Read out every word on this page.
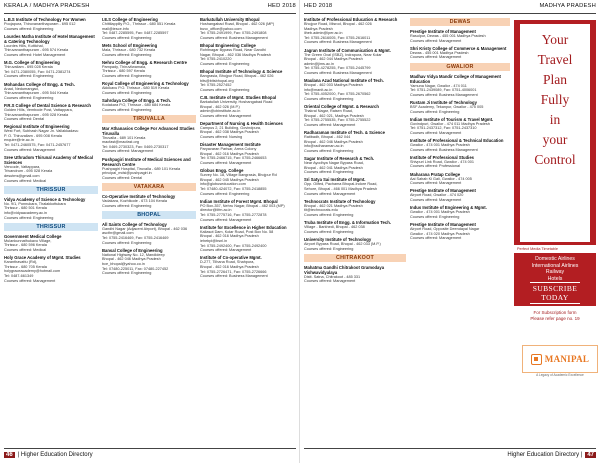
KERALA / MADHYA PRADESH	HED 2018
L.B.S Institute of Technology For Women
Poojapura, Thiruvananthapuram - 695 012
Courses offered: Engineering
Lourdes Matha Institute of Hotel Management & Catering Technology
Lourdes Hills, Kuttichal,
Thiruvananthapuram - 695 574 Kerala
Courses offered: Hotel Management
M.G. College of Engineering
Thiruvallam - 695 028 Kerala
Tel: 0471-2380055, Fax: 0471-2381274
Courses offered: Engineering
Mohandas College of Engg. & Tech.
Anad, Nedumangad,
Thiruvananthapuram - 695 544 Kerala
Courses offered: Engineering
P.R.S College of Dental Science & Research
Golden Hills, Vembode Post, Vattappara,
Thiruvananthapuram - 695 028 Kerala
Courses offered: Dental
Regional Institute of Engineering
West Fort, Subhash Nagar Jn. Vallakkadavu
P. O. Thiruvallam - 695 008 Kerala
enquire@rie.ac.in
Tel: 0471-2460575, Fax: 0471-2457677
Courses offered: Management
Sree Uthradom Thirunal Academy of Medical Sciences
Vencode, Vattappara,
Trivandrum - 695 028 Kerala
desutms@gmail.com
Courses offered: Medical
THRISSUR
Vidya Academy of Science & Technology
No. 9/1, Ponnukara, Thalakkottukara
Thrissur - 680 501 Kerala
info@vidyaacademy.ac.in
Courses offered: Engineering
THRISSUR
Government Medical College
Mulankunnathukavu Village,
Thrissur - 680 596 Kerala
Courses offered: Medical
Holy Grace Academy of Mgmt. Studies
Karanthavattu (Rd),
Thrissur - 680 705 Kerala
holygraceacademy@hotmail.com
Tel: 0487-661349
Courses offered: Management
I.E.S College of Engineering
Chittilappilly P.O., Thrissur - 680 551 Kerala
mail@iesce.info
Tel: 0487-2285595, Fax: 0487-2285597
Courses offered: Engineering
Mets School of Engineering
Mala, Thrissur - 680 732 Kerala
Courses offered: Engineering
Nehru College of Engg. & Research Centre
Pampady, Thiruvilwamala,
Thrissur - 680 597 Kerala
Courses offered: Engineering
Royal College of Engineering & Technology
Akkikavu P.O. Thrissur - 680 519 Kerala
Courses offered: Engineering
Sahrdaya College of Engg. & Tech.
Kodakara P.O, Thrissur - 680 684 Kerala
Courses offered: Engineering
TIRUVALLA
Mar Athanasios College For Advanced Studies Tiruvalla
Tiruvalla - 689 101 Kerala
macfast@macfast.org
Tel: 0469-2730323, Fax: 0469-2730317
Courses offered: Management
Pushpagiri Institute of Medical Sciences and Research Centre
Pushpagiri Hospital, Tiruvalla - 689 101 Kerala
principal_mdsi@pushpagiri.in
Courses offered: Dental
VATAKARA
Co-Operative Institute of Technology
Vadakara, Kozhikode - 673 104 Kerala
Courses offered: Engineering
BHOPAL
All Saints College of Technology
Gandhi Nagar (Adjacent Airport), Bhopal - 462 036
ascthr@gmail.com
Tel: 0755-2416469, Fax: 0755-2416469
Courses offered: Engineering
Bansal College of Engineering
National Highway No. 12, Mandideep
Bhopal - 462 046 Madhya Pradesh
bce_bhopal@yahoo.co.in
Tel: 07480-225011, Fax: 07480-227452
Courses offered: Engineering
Barkatullah University Bhopal
Hoshangabad Road, Bhopal - 462 026 (MP)
buvc_office@yahoo.com
Tel: 0755-2491999, Fax: 0755-2491808
Courses offered: Business Management
Bhopal Engineering College
Rohitnagar Bypass Road, Near Gandhi
Nagar, Bhopal - 462 036 Madhya Pradesh
Tel: 0755-2410220
Courses offered: Engineering
Bhopal Institute of Technology & Science
Bangrasia, Bhojpur Road, Bhopal - 462 026
bits@bitsbhopal.org
Tel: 0755-2527452
Courses offered: Engineering
C.B. Institute of Mgmt. Studies Bhopal
Barkatullah University, Hoshangabad Road
Bhopal - 462 026 (M.P.)
admin@cbinstitute.ac.in
Courses offered: Management
Department of Nursing & Health Sciences
Campus 2, 21 Building, Govindpura,
Bhopal - 462 038 Madhya Pradesh
Courses offered: Nursing
Disaster Management Institute
Paryavaran Parisar, Arera Colony
Bhopal - 462 016 Madhya Pradesh
Tel: 0755-2466715, Fax: 0755-2466653
Courses offered: Management
Globus Engg. College
Survey No. 18, Village Bangrasia, Bhojpur Rd
Bhopal - 462 045 Madhya Pradesh
info@globuseducation.com
Tel: 07480-424072, Fax: 0755-2418855
Courses offered: Engineering
Indian Institute of Forest Mgmt. Bhopal
PO Box-357, Nehru Nagar, Bhopal - 462 003 (MP)
director@iifm.ac.in
Tel: 0755-2775716, Fax: 0755-2772878
Courses offered: Management
Institute for Excellence in Higher Education
Kaliasot Dam, Kolar Road, Post Box No. 58
Bhopal - 462 016 Madhya Pradesh
iehebpl@bsnl.in
Tel: 0755-2492400, Fax: 0755-2492400
Courses offered: Management
Institute of Co-operative Mgmt.
D-277, Tilhana Road, Shahpura,
Bhopal - 462 016 Madhya Pradesh
Tel: 0755-2726471, Fax: 0755-2726666
Courses offered: Business Management
46 | Higher Education Directory
HED 2018	MADHYA PRADESH
Institute of Professional Education & Research
Bhojpur Road, Misrod, Bhopal - 462 026
Madhya Pradesh
iiheb.admin@iper.ac.in
Tel: 0755-2616005, Fax: 0755-2616011
Courses offered: Business Management
Jagran Institute of Communication & Mgmt.
The Green Oval (ISBZ), Indrapura, Near Kolar
Bhopal - 462 044 Madhya Pradesh
admin@jims.ac.in
Tel: 0755-4278255, Fax: 0755-2445799
Courses offered: Business Management
Maulana Azad National Institute of Tech.
Bhopal - 462 003 Madhya Pradesh
info@manit.ac.in
Tel: 0755-4052000, Fax: 0755-2670562
Courses offered: Engineering
Oriental College of Mgmt. & Research
Thakral Nagar, Raisen Road,
Bhopal - 462 021, Madhya Pradesh
Tel: 0755-2755535, Fax: 0755-2755522
Courses offered: Management
Radharaman Institute of Tech. & Science
Ratibadh, Bhopal - 462 044
Bhopal - 462 046 Madhya Pradesh
info@radharaman.ac.in
Courses offered: Engineering
Sagar Institute of Research & Tech.
Near Ayodhya Nagar Bypass Road,
Bhopal - 462 041 Madhya Pradesh
Courses offered: Engineering
Sri Satya Sai Institute of Mgmt.
Opp. Oilfed, Pachama Bhopal-Indore Road,
Sehore, Bhopal - 466 001 Madhya Pradesh
Courses offered: Management
Technocrats Institute of Technology
Bhopal - 462 021 Madhya Pradesh
tit@technocrats.edu
Courses offered: Engineering
Truba Institute of Engg. & Information Tech.
Village - Barkhedi, Bhopal - 462 038
Courses offered: Engineering
University Institute of Technology
Airport Bypass Road, Bhopal - 462 033 (M.P.)
Courses offered: Engineering
CHITRAKOOT
Mahatma Gandhi Chitrakoot Gramodaya Vishwavidyalaya
Distt. Satna, Chitrakoot - 485 331
Courses offered: Management
DEWAS
Prestige Institute of Management
Rasulpur, Dewas - 455 001 Madhya Pradesh
Courses offered: Management
Shri Kristy College of Commerce & Management
Dewas - 455 001 Madhya Pradesh
Courses offered: Management
GWALIOR
Madhav Vidya Mandir College of Management Education
Yamuna Nagar, Gwalior - 474 011
Tel: 0751-2439089, Fax: 0751-4006001
Courses offered: Business Management
Rustam Ji Institute of Technology
BSF Academy, Tekanpur, Gwalior - 475 005
Courses offered: Engineering
Indian Institute of Tourism & Travel Mgmt.
Govindpuri, Gwalior - 474 011 Madhya Pradesh
Tel: 0751-2437312, Fax: 0751-2437310
Courses offered: Management
Institute of Professional & Technical Education
Gwalior - 474 001 Madhya Pradesh
Courses offered: Business Management
Institute of Professional Studies
Shivpuri Link Road, Gwalior - 474 001
Courses offered: Professional
Maharana Pratap College
Aai Sahab Ki Gali, Gwalior - 474 005
Courses offered: Management
Prestige Institute of Management
Airport Road, Gwalior - 474 020
Courses offered: Management
Indus Institute of Engineering & Mgmt.
Gwalior - 474 001 Madhya Pradesh
Courses offered: Engineering
Prestige Institute of Management
Airport Road, Opposite Deendayal Nagar
Gwalior - 474 020 Madhya Pradesh
Courses offered: Management
Your
Travel
Plan
Fully
in
your
Control
Perfect Media Timetable
Domestic Airlines
International Airlines
Railway
Hotels
SUBSCRIBE
TODAY
For Subscription form
Please refer page no. 19
MANIPAL
A Legacy of Academic Excellence
Higher Education Directory | 47
